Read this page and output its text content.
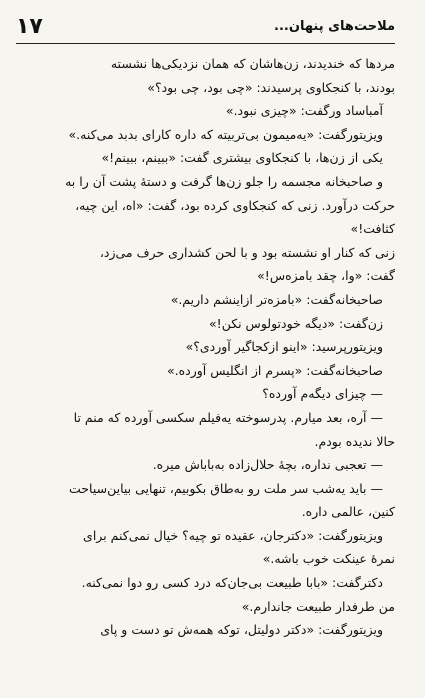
۱۷	ملاحت‌های پنهان...
مردها که خندیدند، زن‌هاشان که همان نزدیکی‌ها نشسته
بودند، با کنجکاوی پرسیدند: «چی بود، چی بود؟»
آمباساد ورگفت: «چیزی نبود.»
ویزیتورگفت: «یه‌میمون بی‌تربیته که داره کارای بدبد می‌کنه.»
یکی از زن‌ها، با کنجکاوی بیشتری گفت: «ببینم، ببینم!»
و صاحبخانه مجسمه را جلو زن‌ها گرفت و دستهٔ پشت آن را به
حرکت درآورد. زنی که کنجکاوی کرده بود، گفت: «اه، این چیه،
کثافت!»
زنی که کنار او نشسته بود و با لحن کشداری حرف می‌زد،
گفت: «وا، چقد بامزه‌س!»
صاحبخانه‌گفت: «بامزه‌تر ازاینشم داریم.»
زن‌گفت: «دیگه خودتولوس نکن!»
ویزیتورپرسید: «اینو ازکجاگیر آوردی؟»
صاحبخانه‌گفت: «پسرم از انگلیس آورده.»
— چیزای دیگه‌م آورده؟
— آره، بعد میارم. پدرسوخته یه‌فیلم سکسی آورده که منم تا
حالا ندیده بودم.
— تعجبی نداره، بچهٔ حلال‌زاده به‌باباش میره.
— باید یه‌شب سر ملت رو به‌طاق بکوبیم، تنهایی بیاین‌سیاحت
کنین، عالمی داره.
ویزیتورگفت: «دکترجان، عقیده تو چیه؟ خیال نمی‌کنم برای
نمرهٔ عینکت خوب باشه.»
دکترگفت: «بابا طبیعت بی‌جان‌که درد کسی رو دوا نمی‌کنه.
من طرفدار طبیعت جاندارم.»
ویزیتورگفت: «دکتر دولیتل، توکه همه‌ش تو دست و پای
